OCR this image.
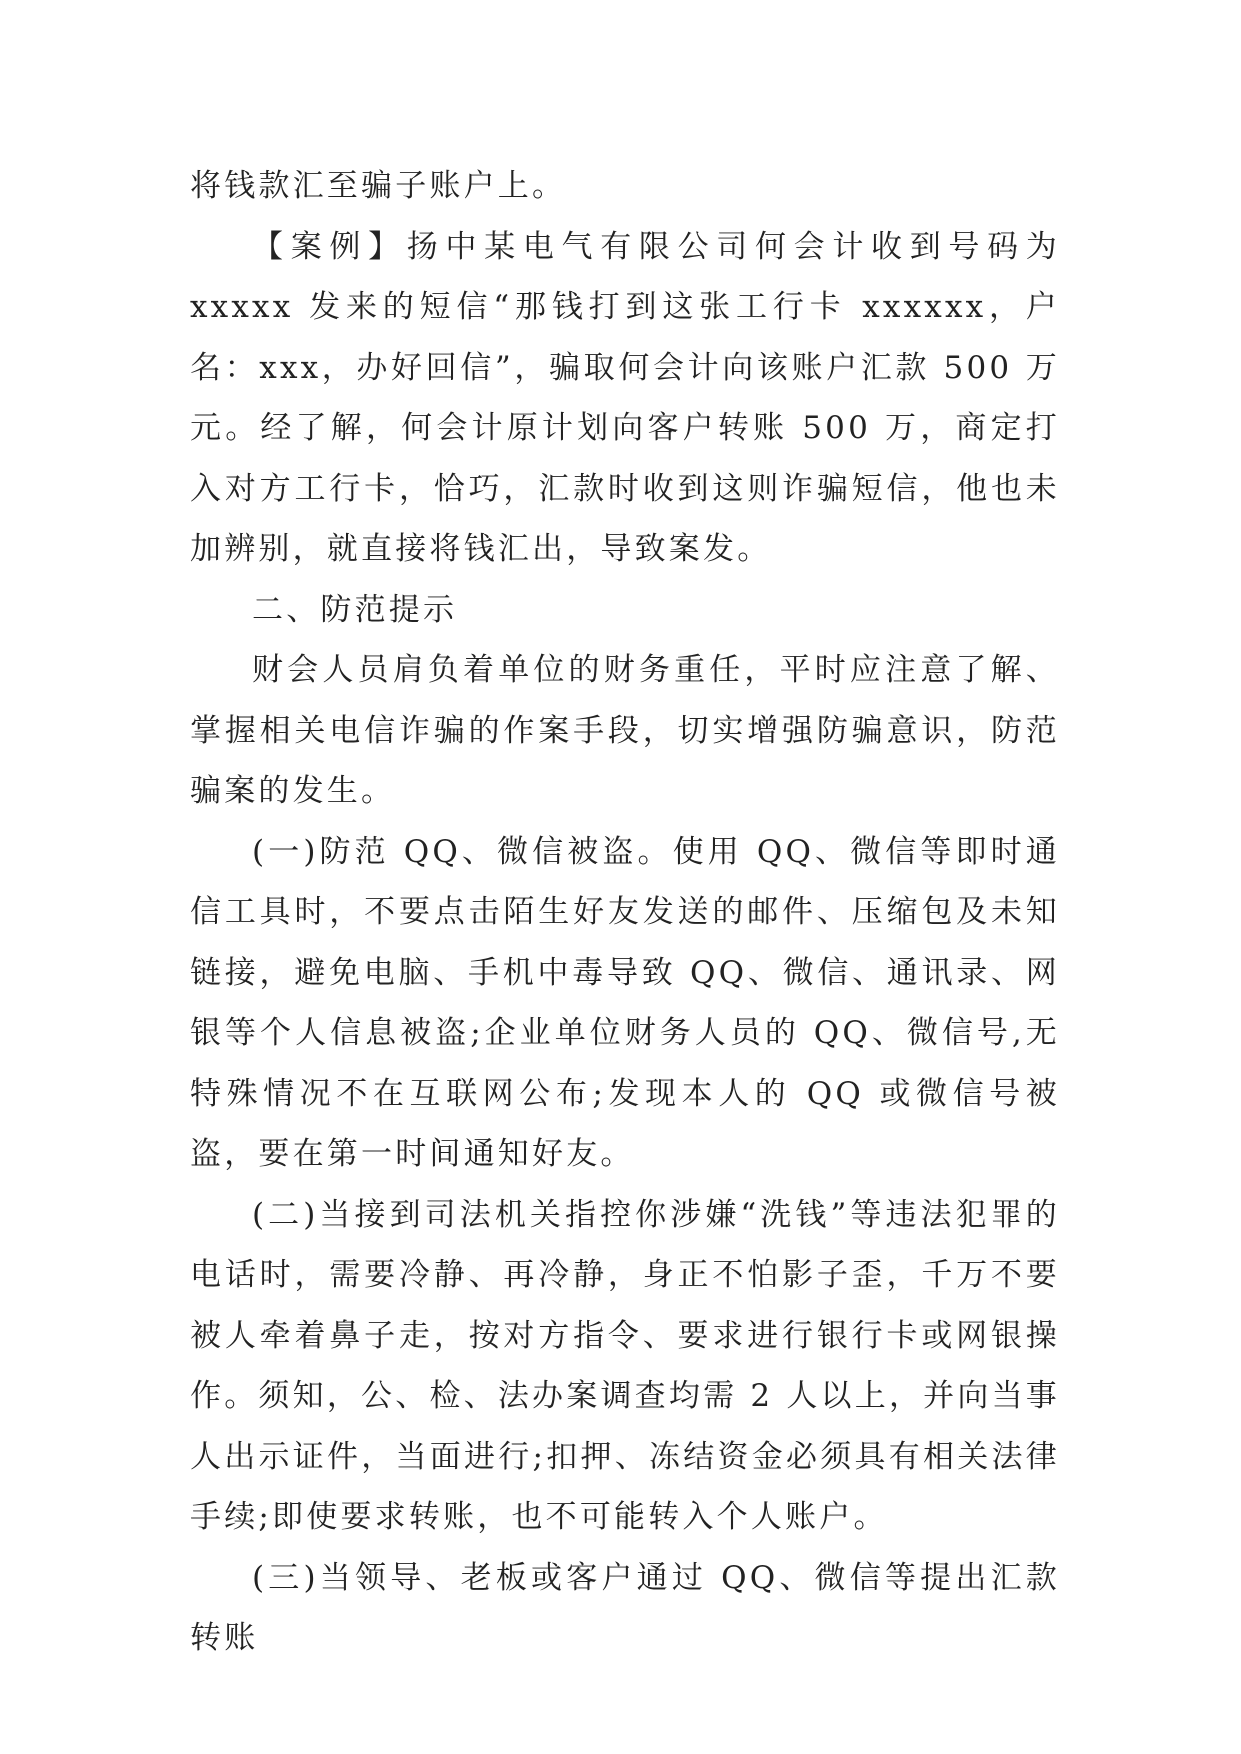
将钱款汇至骗子账户上。

【案例】扬中某电气有限公司何会计收到号码为 xxxxx 发来的短信“那钱打到这张工行卡 xxxxxx，户名：xxx，办好回信”，骗取何会计向该账户汇款 500 万元。经了解，何会计原计划向客户转账 500 万，商定打入对方工行卡，恰巧，汇款时收到这则诈骗短信，他也未加辨别，就直接将钱汇出，导致案发。

二、防范提示

财会人员肩负着单位的财务重任，平时应注意了解、掌握相关电信诈骗的作案手段，切实增强防骗意识，防范骗案的发生。

(一)防范 QQ、微信被盗。使用 QQ、微信等即时通信工具时，不要点击陌生好友发送的邮件、压缩包及未知链接，避免电脑、手机中毒导致 QQ、微信、通讯录、网银等个人信息被盗;企业单位财务人员的 QQ、微信号,无特殊情况不在互联网公布;发现本人的 QQ 或微信号被盗，要在第一时间通知好友。

(二)当接到司法机关指控你涉嫌“洗钱”等违法犯罪的电话时，需要冷静、再冷静，身正不怕影子歪，千万不要被人牵着鼻子走，按对方指令、要求进行银行卡或网银操作。须知，公、检、法办案调查均需 2 人以上，并向当事人出示证件，当面进行;扣押、冻结资金必须具有相关法律手续;即使要求转账，也不可能转入个人账户。

(三)当领导、老板或客户通过 QQ、微信等提出汇款转账
